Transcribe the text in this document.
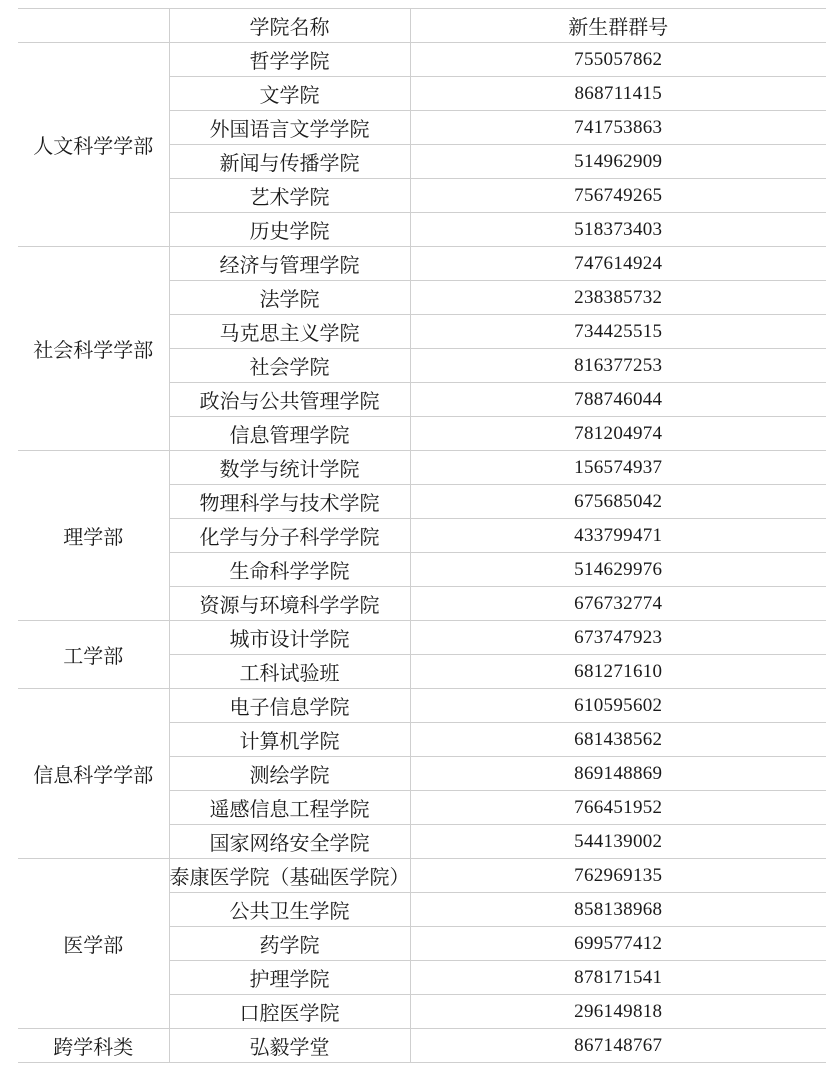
	学院名称	新生群群号
人文科学学部	哲学学院	755057862
	文学院	868711415
	外国语言文学学院	741753863
	新闻与传播学院	514962909
	艺术学院	756749265
	历史学院	518373403
社会科学学部	经济与管理学院	747614924
	法学院	238385732
	马克思主义学院	734425515
	社会学院	816377253
	政治与公共管理学院	788746044
	信息管理学院	781204974
理学部	数学与统计学院	156574937
	物理科学与技术学院	675685042
	化学与分子科学学院	433799471
	生命科学学院	514629976
	资源与环境科学学院	676732774
工学部	城市设计学院	673747923
	工科试验班	681271610
信息科学学部	电子信息学院	610595602
	计算机学院	681438562
	测绘学院	869148869
	遥感信息工程学院	766451952
	国家网络安全学院	544139002
医学部	泰康医学院（基础医学院）	762969135
	公共卫生学院	858138968
	药学院	699577412
	护理学院	878171541
	口腔医学院	296149818
跨学科类	弘毅学堂	867148767
